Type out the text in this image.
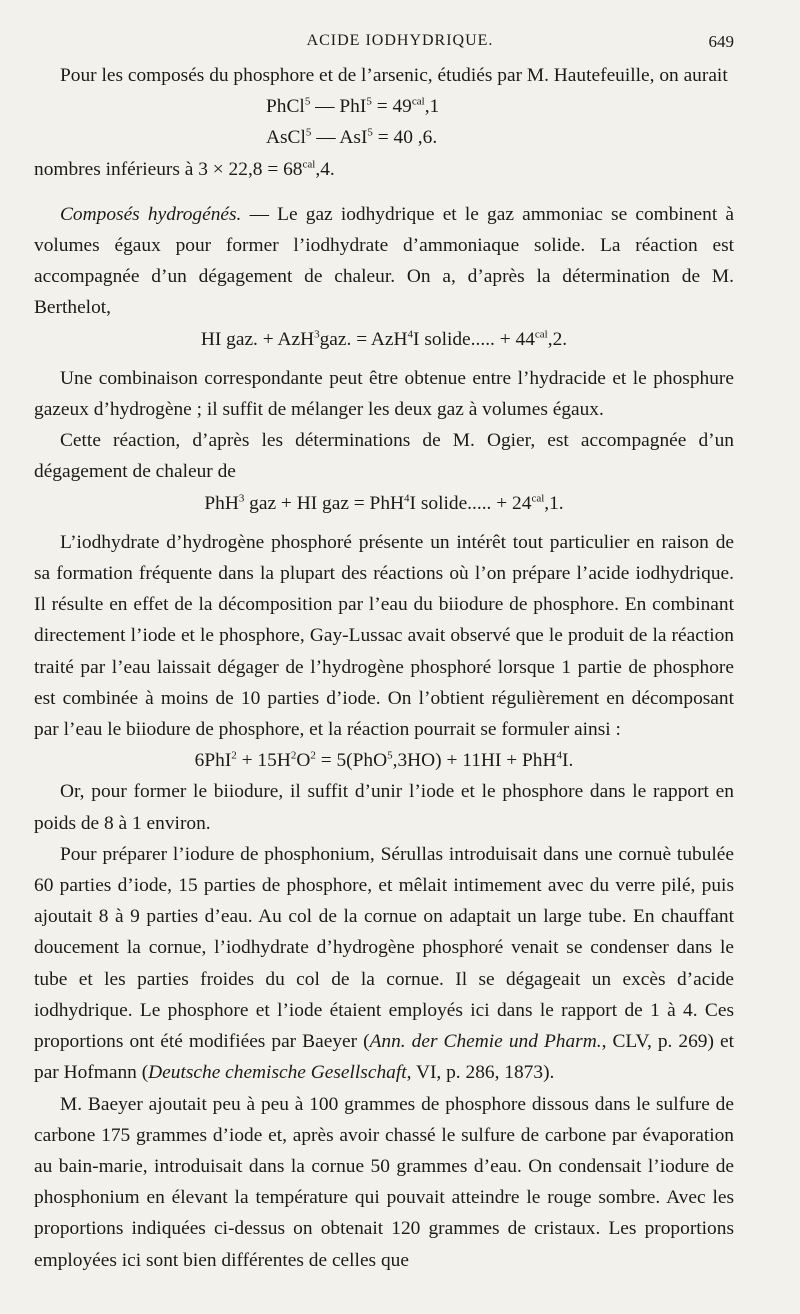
ACIDE IODHYDRIQUE.	649

Pour les composés du phosphore et de l’arsenic, étudiés par M. Hautefeuille, on aurait

PhCl$^5$ — $PhI^5 = 49^{cal},1$

AsCl$^5$ — AsI$^5$ = 40 ,6.

nombres inférieurs à $3 \times 22,8 = 68^{cal},4$.

Composés hydrogénés. — Le gaz iodhydrique et le gaz ammoniac se combinent à volumes égaux pour former l’iodhydrate d’ammoniaque solide. La réaction est accompagnée d’un dégagement de chaleur. On a, d’après la détermination de M. Berthelot,

HI gaz. + AzH$^3$gaz. = AzH$^4$I solide..... + $44^{cal},2$.

Une combinaison correspondante peut être obtenue entre l’hydracide et le phosphure gazeux d’hydrogène ; il suffit de mélanger les deux gaz à volumes égaux.

Cette réaction, d’après les déterminations de M. Ogier, est accompagnée d’un dégagement de chaleur de

PhH$^3$ gaz + HI gaz = PhH$^4$I solide..... + $24^{cal},1$.

L’iodhydrate d’hydrogène phosphoré présente un intérêt tout particulier en raison de sa formation fréquente dans la plupart des réactions où l’on prépare l’acide iodhydrique. Il résulte en effet de la décomposition par l’eau du biiodure de phosphore. En combinant directement l’iode et le phosphore, Gay-Lussac avait observé que le produit de la réaction traité par l’eau laissait dégager de l’hydrogène phosphoré lorsque 1 partie de phosphore est combinée à moins de 10 parties d’iode. On l’obtient régulièrement en décomposant par l’eau le biiodure de phosphore, et la réaction pourrait se formuler ainsi :

$6PhI^2 + 15H^2O^2 = 5(PhO^5,3HO) + 11HI + PhH^4I$.

Or, pour former le biiodure, il suffit d’unir l’iode et le phosphore dans le rapport en poids de 8 à 1 environ.

Pour préparer l’iodure de phosphonium, Sérullas introduisait dans une cornuè tubulée 60 parties d’iode, 15 parties de phosphore, et mêlait intimement avec du verre pilé, puis ajoutait 8 à 9 parties d’eau. Au col de la cornue on adaptait un large tube. En chauffant doucement la cornue, l’iodhydrate d’hydrogène phosphoré venait se condenser dans le tube et les parties froides du col de la cornue. Il se dégageait un excès d’acide iodhydrique. Le phosphore et l’iode étaient employés ici dans le rapport de 1 à 4. Ces proportions ont été modifiées par Baeyer (Ann. der Chemie und Pharm., CLV, p. 269) et par Hofmann (Deutsche chemische Gesellschaft, VI, p. 286, 1873).

M. Baeyer ajoutait peu à peu à 100 grammes de phosphore dissous dans le sulfure de carbone 175 grammes d’iode et, après avoir chassé le sulfure de carbone par évaporation au bain-marie, introduisait dans la cornue 50 grammes d’eau. On condensait l’iodure de phosphonium en élevant la température qui pouvait atteindre le rouge sombre. Avec les proportions indiquées ci-dessus on obtenait 120 grammes de cristaux. Les proportions employées ici sont bien différentes de celles que
